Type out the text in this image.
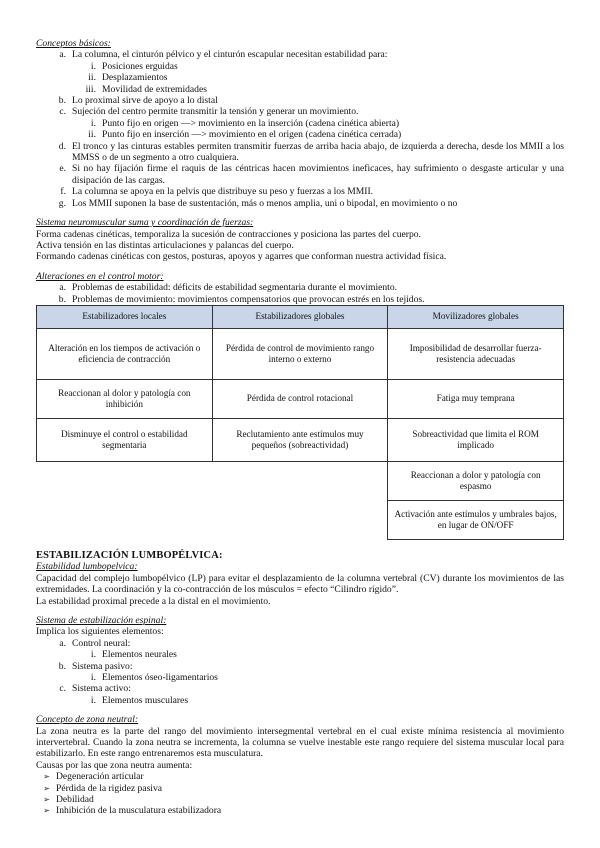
Conceptos básicos:
a. La columna, el cinturón pélvico y el cinturón escapular necesitan estabilidad para:
i. Posiciones erguidas
ii. Desplazamientos
iii. Movilidad de extremidades
b. Lo proximal sirve de apoyo a lo distal
c. Sujeción del centro permite transmitir la tensión y generar un movimiento.
i. Punto fijo en origen —> movimiento en la inserción (cadena cinética abierta)
ii. Punto fijo en inserción —> movimiento en el origen (cadena cinética cerrada)
d. El tronco y las cinturas estables permiten transmitir fuerzas de arriba hacia abajo, de izquierda a derecha, desde los MMII a los MMSS o de un segmento a otro cualquiera.
e. Si no hay fijación firme el raquis de las céntricas hacen movimientos ineficaces, hay sufrimiento o desgaste articular y una disipación de las cargas.
f. La columna se apoya en la pelvis que distribuye su peso y fuerzas a los MMII.
g. Los MMII suponen la base de sustentación, más o menos amplia, uni o bipodal, en movimiento o no
Sistema neuromuscular suma y coordinación de fuerzas:
Forma cadenas cinéticas, temporaliza la sucesión de contracciones y posiciona las partes del cuerpo.
Activa tensión en las distintas articulaciones y palancas del cuerpo.
Formando cadenas cinéticas con gestos, posturas, apoyos y agarres que conforman nuestra actividad física.
Alteraciones en el control motor:
a. Problemas de estabilidad: déficits de estabilidad segmentaria durante el movimiento.
b. Problemas de movimiento: movimientos compensatorios que provocan estrés en los tejidos.
Estabilizadores locales	Estabilizadores globales	Movilizadores globales
Alteración en los tiempos de activación o eficiencia de contracción	Pérdida de control de movimiento rango interno o externo	Imposibilidad de desarrollar fuerza-resistencia adecuadas
Reaccionan al dolor y patología con inhibición	Pérdida de control rotacional	Fatiga muy temprana
Disminuye el control o estabilidad segmentaria	Reclutamiento ante estímulos muy pequeños (sobreactividad)	Sobreactividad que limita el ROM implicado
		Reaccionan a dolor y patología con espasmo
		Activación ante estímulos y umbrales bajos, en lugar de ON/OFF
ESTABILIZACIÓN LUMBOPÉLVICA:
Estabilidad lumbopelvica:
Capacidad del complejo lumbopélvico (LP) para evitar el desplazamiento de la columna vertebral (CV) durante los movimientos de las extremidades. La coordinación y la co-contracción de los músculos = efecto “Cilindro rígido”.
La estabilidad proximal precede a la distal en el movimiento.
Sistema de estabilización espinal:
Implica los siguientes elementos:
a. Control neural:
i. Elementos neurales
b. Sistema pasivo:
i. Elementos óseo-ligamentarios
c. Sistema activo:
i. Elementos musculares
Concepto de zona neutral:
La zona neutra es la parte del rango del movimiento intersegmental vertebral en el cual existe mínima resistencia al movimiento intervertebral. Cuando la zona neutra se incrementa, la columna se vuelve inestable este rango requiere del sistema muscular local para estabilizarlo. En este rango entrenaremos esta musculatura.
Causas por las que zona neutra aumenta:
➢ Degeneración articular
➢ Pérdida de la rigidez pasiva
➢ Debilidad
➢ Inhibición de la musculatura estabilizadora
